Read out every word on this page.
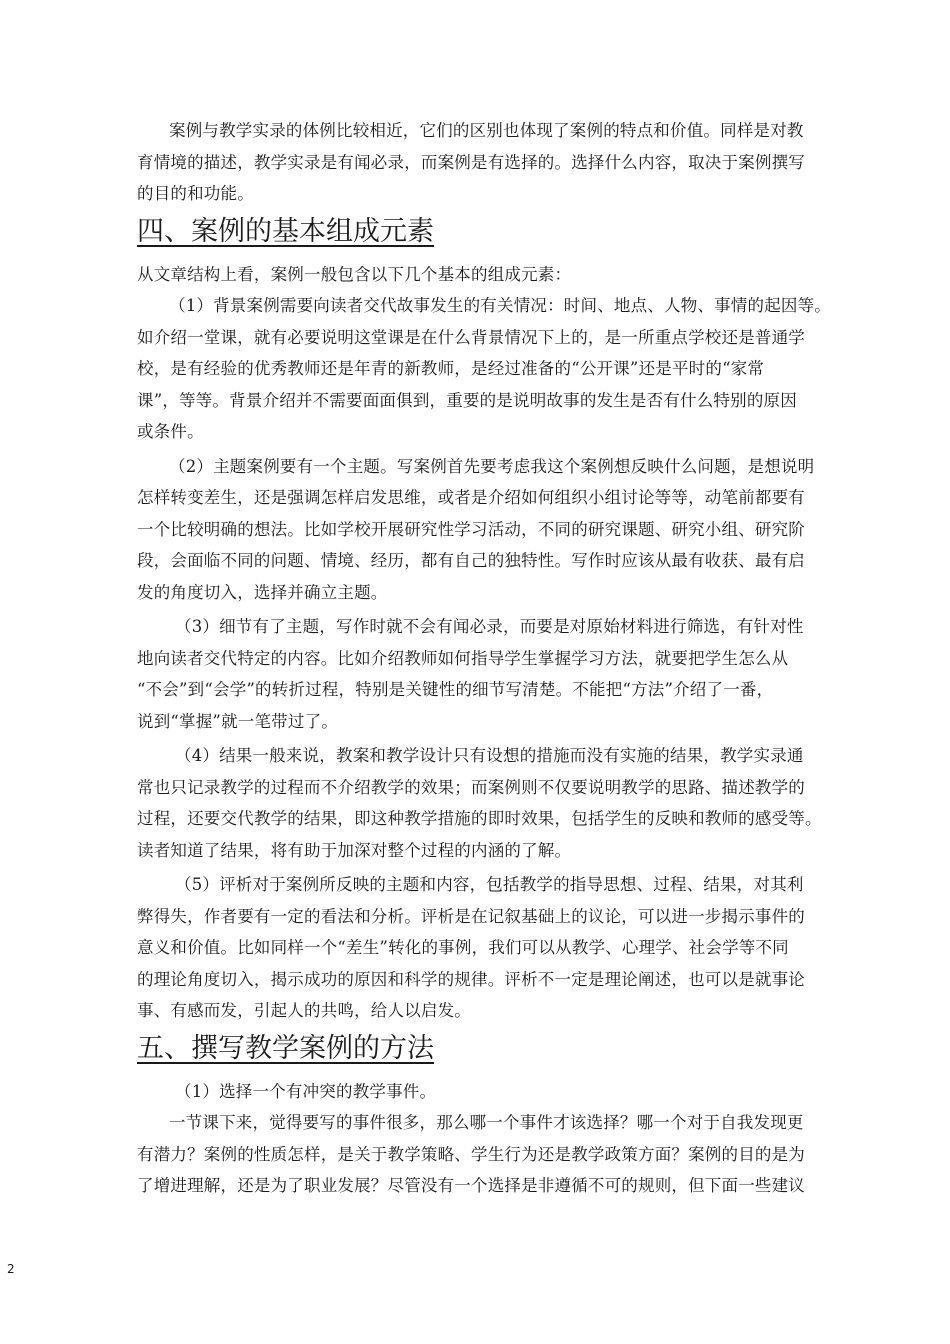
案例与教学实录的体例比较相近，它们的区别也体现了案例的特点和价值。同样是对教
育情境的描述，教学实录是有闻必录，而案例是有选择的。选择什么内容，取决于案例撰写
的目的和功能。
四、案例的基本组成元素
从文章结构上看，案例一般包含以下几个基本的组成元素：
（1）背景案例需要向读者交代故事发生的有关情况：时间、地点、人物、事情的起因等。
如介绍一堂课，就有必要说明这堂课是在什么背景情况下上的，是一所重点学校还是普通学
校，是有经验的优秀教师还是年青的新教师，是经过准备的“公开课”还是平时的“家常
课”，等等。背景介绍并不需要面面俱到，重要的是说明故事的发生是否有什么特别的原因
或条件。
（2）主题案例要有一个主题。写案例首先要考虑我这个案例想反映什么问题，是想说明
怎样转变差生，还是强调怎样启发思维，或者是介绍如何组织小组讨论等等，动笔前都要有
一个比较明确的想法。比如学校开展研究性学习活动，不同的研究课题、研究小组、研究阶
段，会面临不同的问题、情境、经历，都有自己的独特性。写作时应该从最有收获、最有启
发的角度切入，选择并确立主题。
（3）细节有了主题，写作时就不会有闻必录，而要是对原始材料进行筛选，有针对性
地向读者交代特定的内容。比如介绍教师如何指导学生掌握学习方法，就要把学生怎么从
“不会”到“会学”的转折过程，特别是关键性的细节写清楚。不能把“方法”介绍了一番，
说到“掌握”就一笔带过了。
（4）结果一般来说，教案和教学设计只有设想的措施而没有实施的结果，教学实录通
常也只记录教学的过程而不介绍教学的效果；而案例则不仅要说明教学的思路、描述教学的
过程，还要交代教学的结果，即这种教学措施的即时效果，包括学生的反映和教师的感受等。
读者知道了结果，将有助于加深对整个过程的内涵的了解。
（5）评析对于案例所反映的主题和内容，包括教学的指导思想、过程、结果，对其利
弊得失，作者要有一定的看法和分析。评析是在记叙基础上的议论，可以进一步揭示事件的
意义和价值。比如同样一个“差生”转化的事例，我们可以从教学、心理学、社会学等不同
的理论角度切入，揭示成功的原因和科学的规律。评析不一定是理论阐述，也可以是就事论
事、有感而发，引起人的共鸣，给人以启发。
五、撰写教学案例的方法
（1）选择一个有冲突的教学事件。
一节课下来，觉得要写的事件很多，那么哪一个事件才该选择？哪一个对于自我发现更
有潜力？案例的性质怎样，是关于教学策略、学生行为还是教学政策方面？案例的目的是为
了增进理解，还是为了职业发展？尽管没有一个选择是非遵循不可的规则，但下面一些建议
2
